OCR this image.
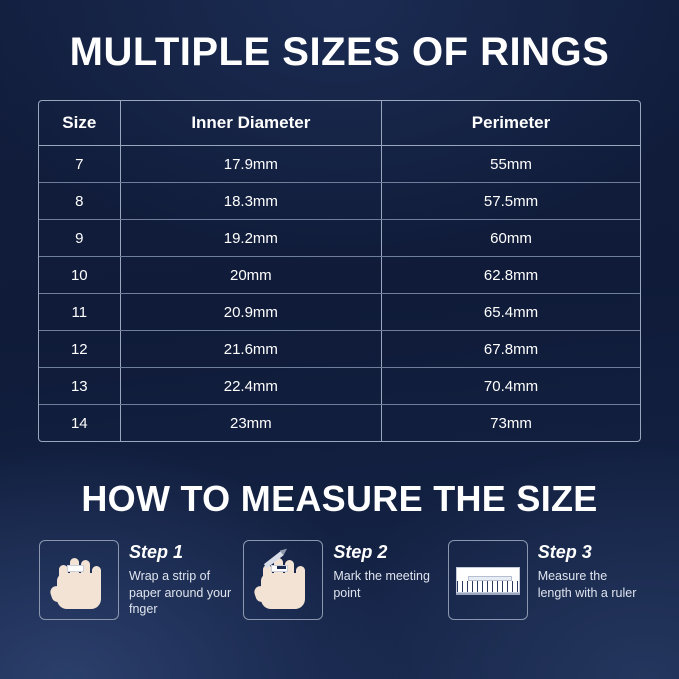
MULTIPLE SIZES OF RINGS
Size	Inner Diameter	Perimeter
7	17.9mm	55mm
8	18.3mm	57.5mm
9	19.2mm	60mm
10	20mm	62.8mm
11	20.9mm	65.4mm
12	21.6mm	67.8mm
13	22.4mm	70.4mm
14	23mm	73mm
HOW TO MEASURE THE SIZE
Step 1
Wrap a strip of paper around your fnger
Step 2
Mark the meeting point
Step 3
Measure the length with a ruler
